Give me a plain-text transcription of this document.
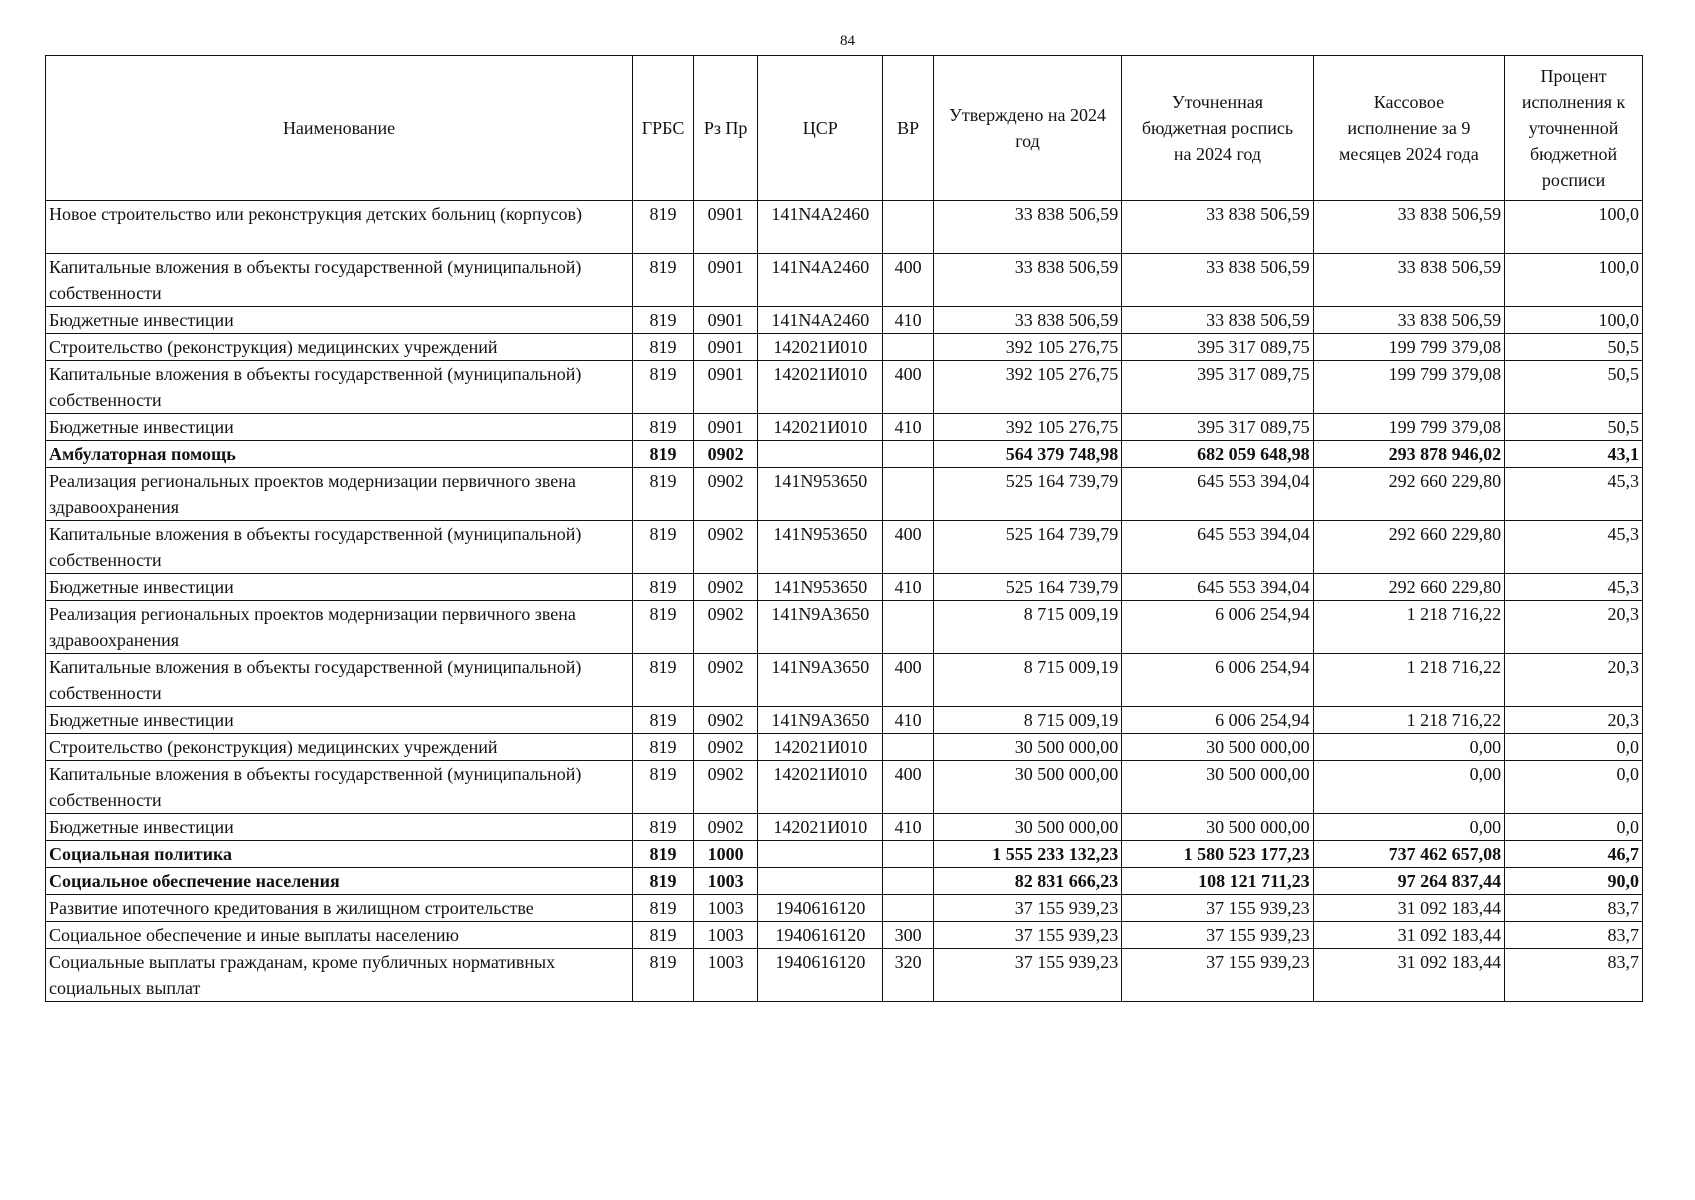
84
Наименование	ГРБС	Рз Пр	ЦСР	ВР	Утверждено на 2024 год	Уточненная бюджетная роспись на 2024 год	Кассовое исполнение за 9 месяцев 2024 года	Процент исполнения к уточненной бюджетной росписи
Новое строительство или реконструкция детских больниц (корпусов)	819	0901	141N4A2460		33 838 506,59	33 838 506,59	33 838 506,59	100,0
Капитальные вложения в объекты государственной (муниципальной) собственности	819	0901	141N4A2460	400	33 838 506,59	33 838 506,59	33 838 506,59	100,0
Бюджетные инвестиции	819	0901	141N4A2460	410	33 838 506,59	33 838 506,59	33 838 506,59	100,0
Строительство (реконструкция) медицинских учреждений	819	0901	142021И010		392 105 276,75	395 317 089,75	199 799 379,08	50,5
Капитальные вложения в объекты государственной (муниципальной) собственности	819	0901	142021И010	400	392 105 276,75	395 317 089,75	199 799 379,08	50,5
Бюджетные инвестиции	819	0901	142021И010	410	392 105 276,75	395 317 089,75	199 799 379,08	50,5
Амбулаторная помощь	819	0902			564 379 748,98	682 059 648,98	293 878 946,02	43,1
Реализация региональных проектов модернизации первичного звена здравоохранения	819	0902	141N953650		525 164 739,79	645 553 394,04	292 660 229,80	45,3
Капитальные вложения в объекты государственной (муниципальной) собственности	819	0902	141N953650	400	525 164 739,79	645 553 394,04	292 660 229,80	45,3
Бюджетные инвестиции	819	0902	141N953650	410	525 164 739,79	645 553 394,04	292 660 229,80	45,3
Реализация региональных проектов модернизации первичного звена здравоохранения	819	0902	141N9A3650		8 715 009,19	6 006 254,94	1 218 716,22	20,3
Капитальные вложения в объекты государственной (муниципальной) собственности	819	0902	141N9A3650	400	8 715 009,19	6 006 254,94	1 218 716,22	20,3
Бюджетные инвестиции	819	0902	141N9A3650	410	8 715 009,19	6 006 254,94	1 218 716,22	20,3
Строительство (реконструкция) медицинских учреждений	819	0902	142021И010		30 500 000,00	30 500 000,00	0,00	0,0
Капитальные вложения в объекты государственной (муниципальной) собственности	819	0902	142021И010	400	30 500 000,00	30 500 000,00	0,00	0,0
Бюджетные инвестиции	819	0902	142021И010	410	30 500 000,00	30 500 000,00	0,00	0,0
Социальная политика	819	1000			1 555 233 132,23	1 580 523 177,23	737 462 657,08	46,7
Социальное обеспечение населения	819	1003			82 831 666,23	108 121 711,23	97 264 837,44	90,0
Развитие ипотечного кредитования в жилищном строительстве	819	1003	1940616120		37 155 939,23	37 155 939,23	31 092 183,44	83,7
Социальное обеспечение и иные выплаты населению	819	1003	1940616120	300	37 155 939,23	37 155 939,23	31 092 183,44	83,7
Социальные выплаты гражданам, кроме публичных нормативных социальных выплат	819	1003	1940616120	320	37 155 939,23	37 155 939,23	31 092 183,44	83,7
